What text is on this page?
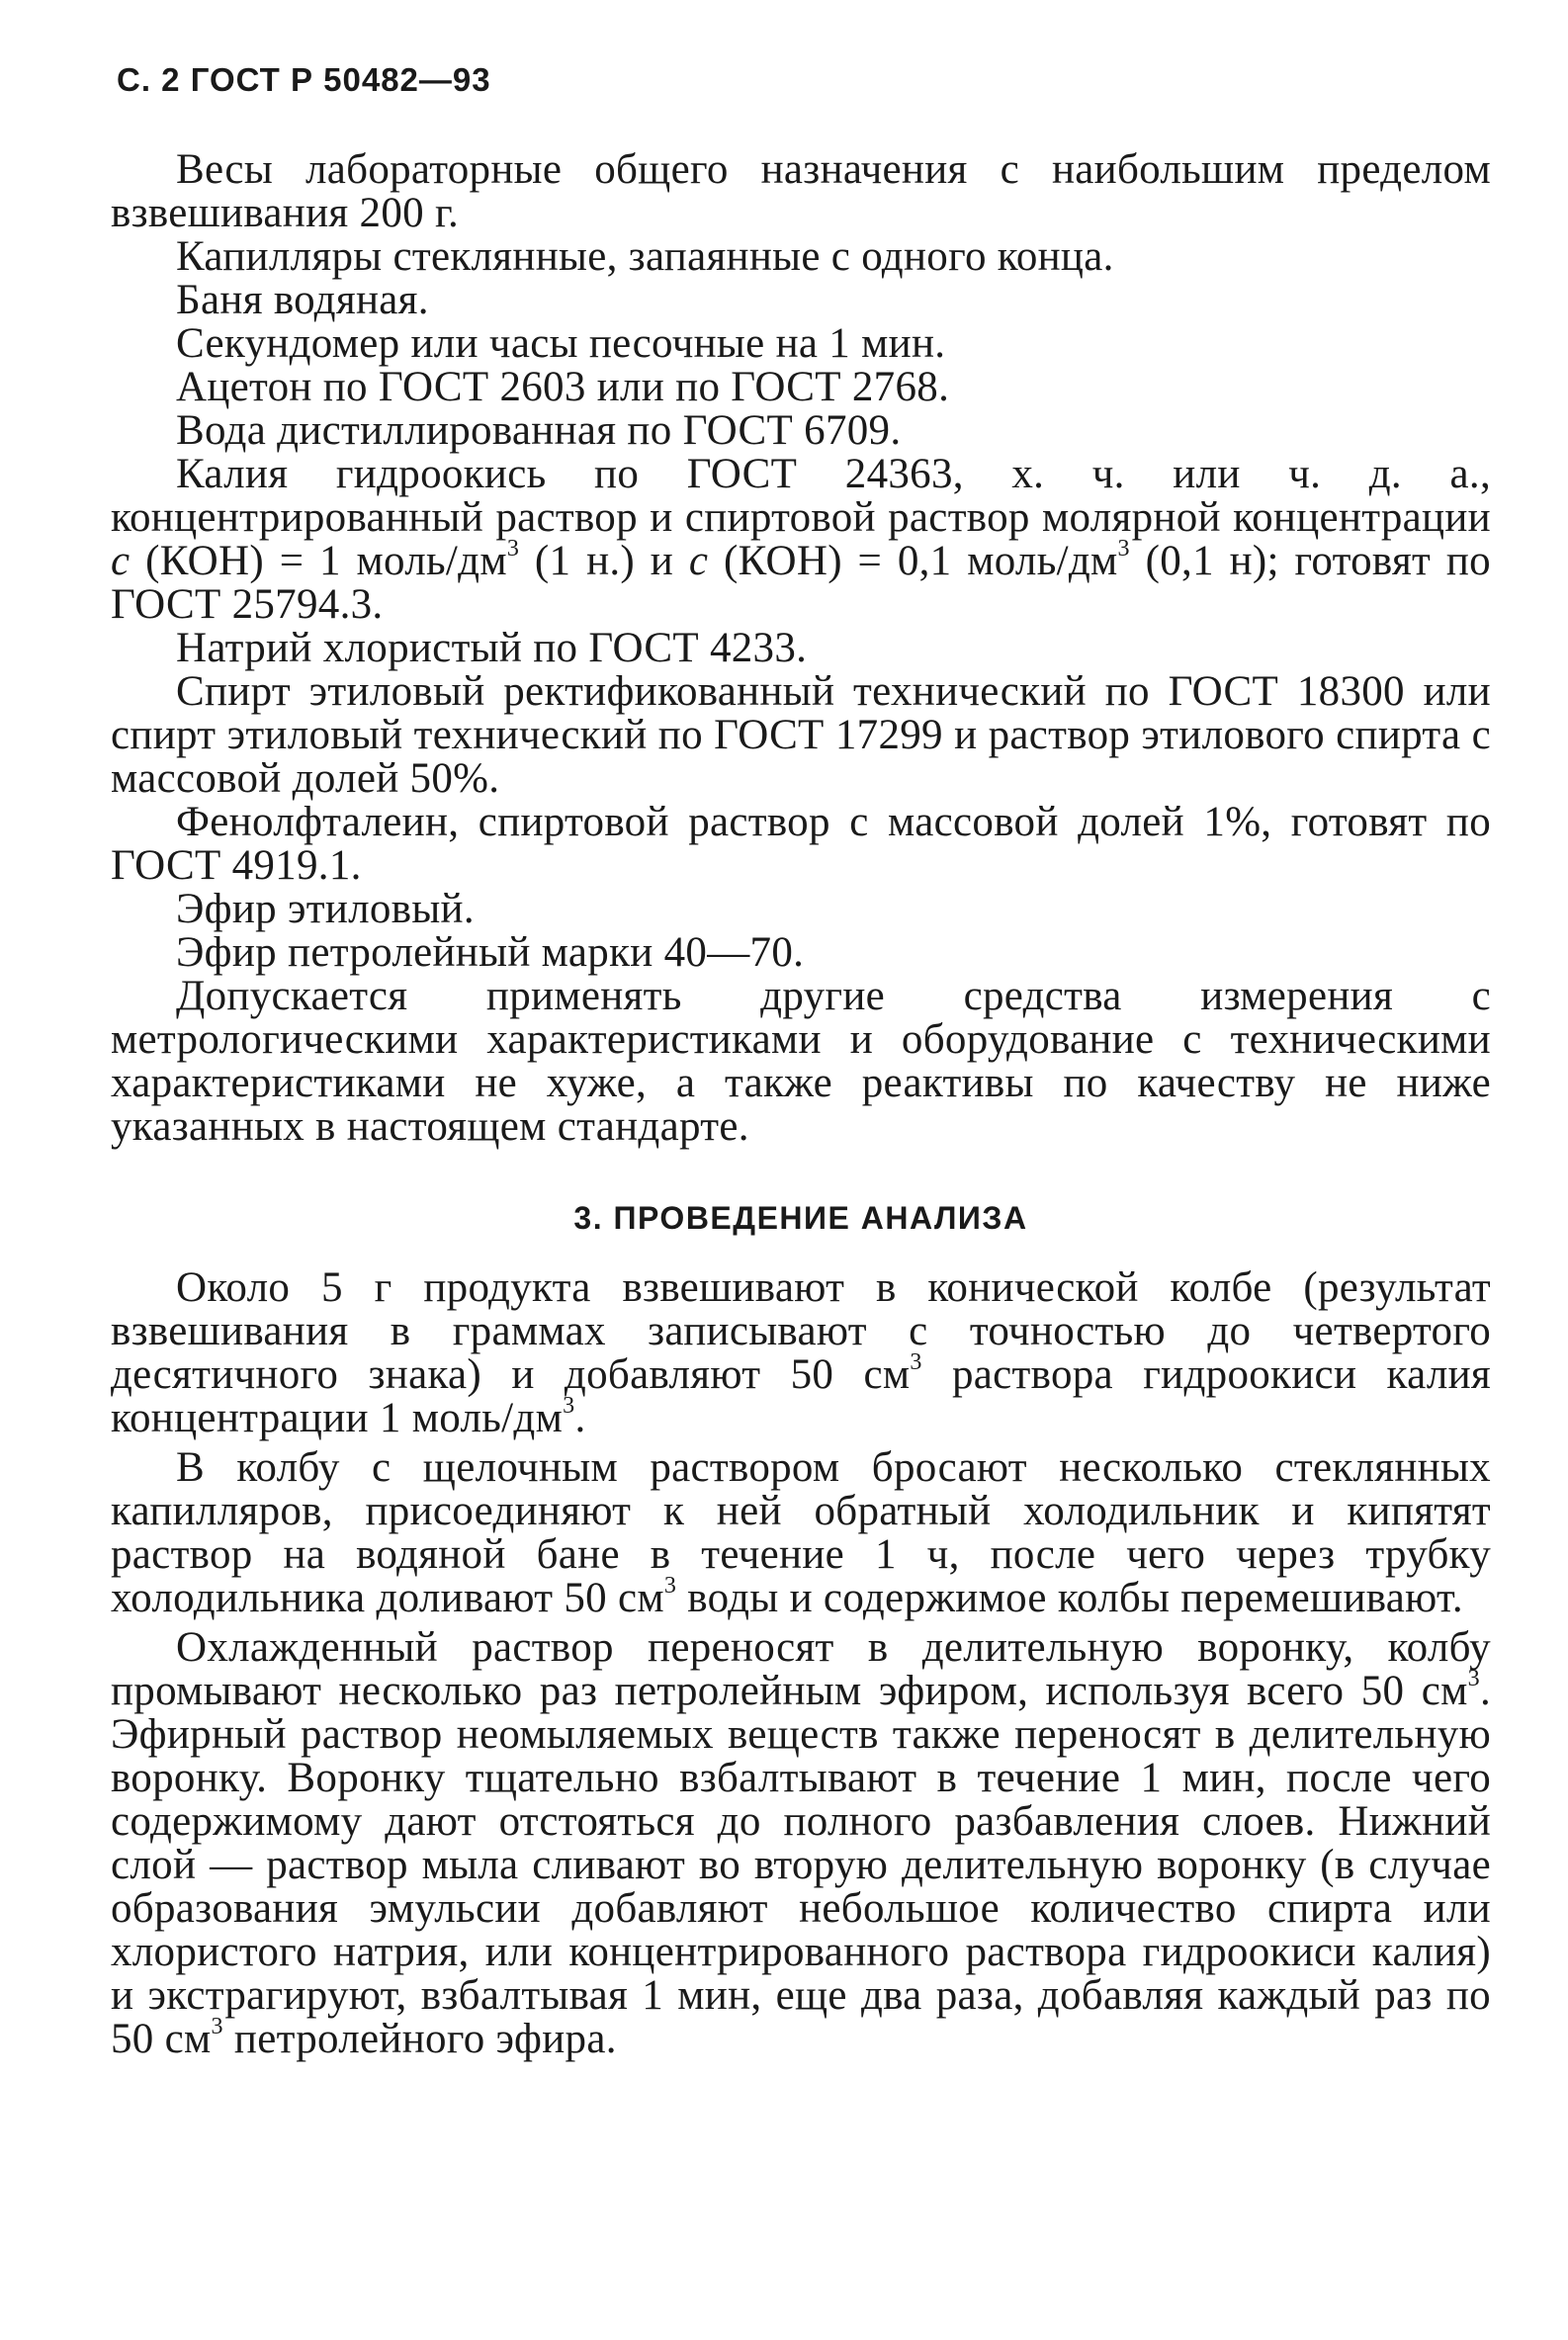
С. 2 ГОСТ Р 50482—93

Весы лабораторные общего назначения с наибольшим пределом взвешивания 200 г.

Капилляры стеклянные, запаянные с одного конца.

Баня водяная.

Секундомер или часы песочные на 1 мин.

Ацетон по ГОСТ 2603 или по ГОСТ 2768.

Вода дистиллированная по ГОСТ 6709.

Калия гидроокись по ГОСТ 24363, х. ч. или ч. д. а., концентрированный раствор и спиртовой раствор молярной концентрации c (КОН) = 1 моль/$дм^3$ (1 н.) и c (КОН) = 0,1 моль/$дм^3$ (0,1 н); готовят по ГОСТ 25794.3.

Натрий хлористый по ГОСТ 4233.

Спирт этиловый ректификованный технический по ГОСТ 18300 или спирт этиловый технический по ГОСТ 17299 и раствор этилового спирта с массовой долей 50%.

Фенолфталеин, спиртовой раствор с массовой долей 1%, готовят по ГОСТ 4919.1.

Эфир этиловый.

Эфир петролейный марки 40—70.

Допускается применять другие средства измерения с метрологическими характеристиками и оборудование с техническими характеристиками не хуже, а также реактивы по качеству не ниже указанных в настоящем стандарте.

3. ПРОВЕДЕНИЕ АНАЛИЗА

Около 5 г продукта взвешивают в конической колбе (результат взвешивания в граммах записывают с точностью до четвертого десятичного знака) и добавляют 50 $см^3$ раствора гидроокиси калия концентрации 1 моль/$дм^3$.

В колбу с щелочным раствором бросают несколько стеклянных капилляров, присоединяют к ней обратный холодильник и кипятят раствор на водяной бане в течение 1 ч, после чего через трубку холодильника доливают 50 $см^3$ воды и содержимое колбы перемешивают.

Охлажденный раствор переносят в делительную воронку, колбу промывают несколько раз петролейным эфиром, используя всего 50 $см^3$. Эфирный раствор неомыляемых веществ также переносят в делительную воронку. Воронку тщательно взбалтывают в течение 1 мин, после чего содержимому дают отстояться до полного разбавления слоев. Нижний слой — раствор мыла сливают во вторую делительную воронку (в случае образования эмульсии добавляют небольшое количество спирта или хлористого натрия, или концентрированного раствора гидроокиси калия) и экстрагируют, взбалтывая 1 мин, еще два раза, добавляя каждый раз по 50 $см^3$ петролейного эфира.
